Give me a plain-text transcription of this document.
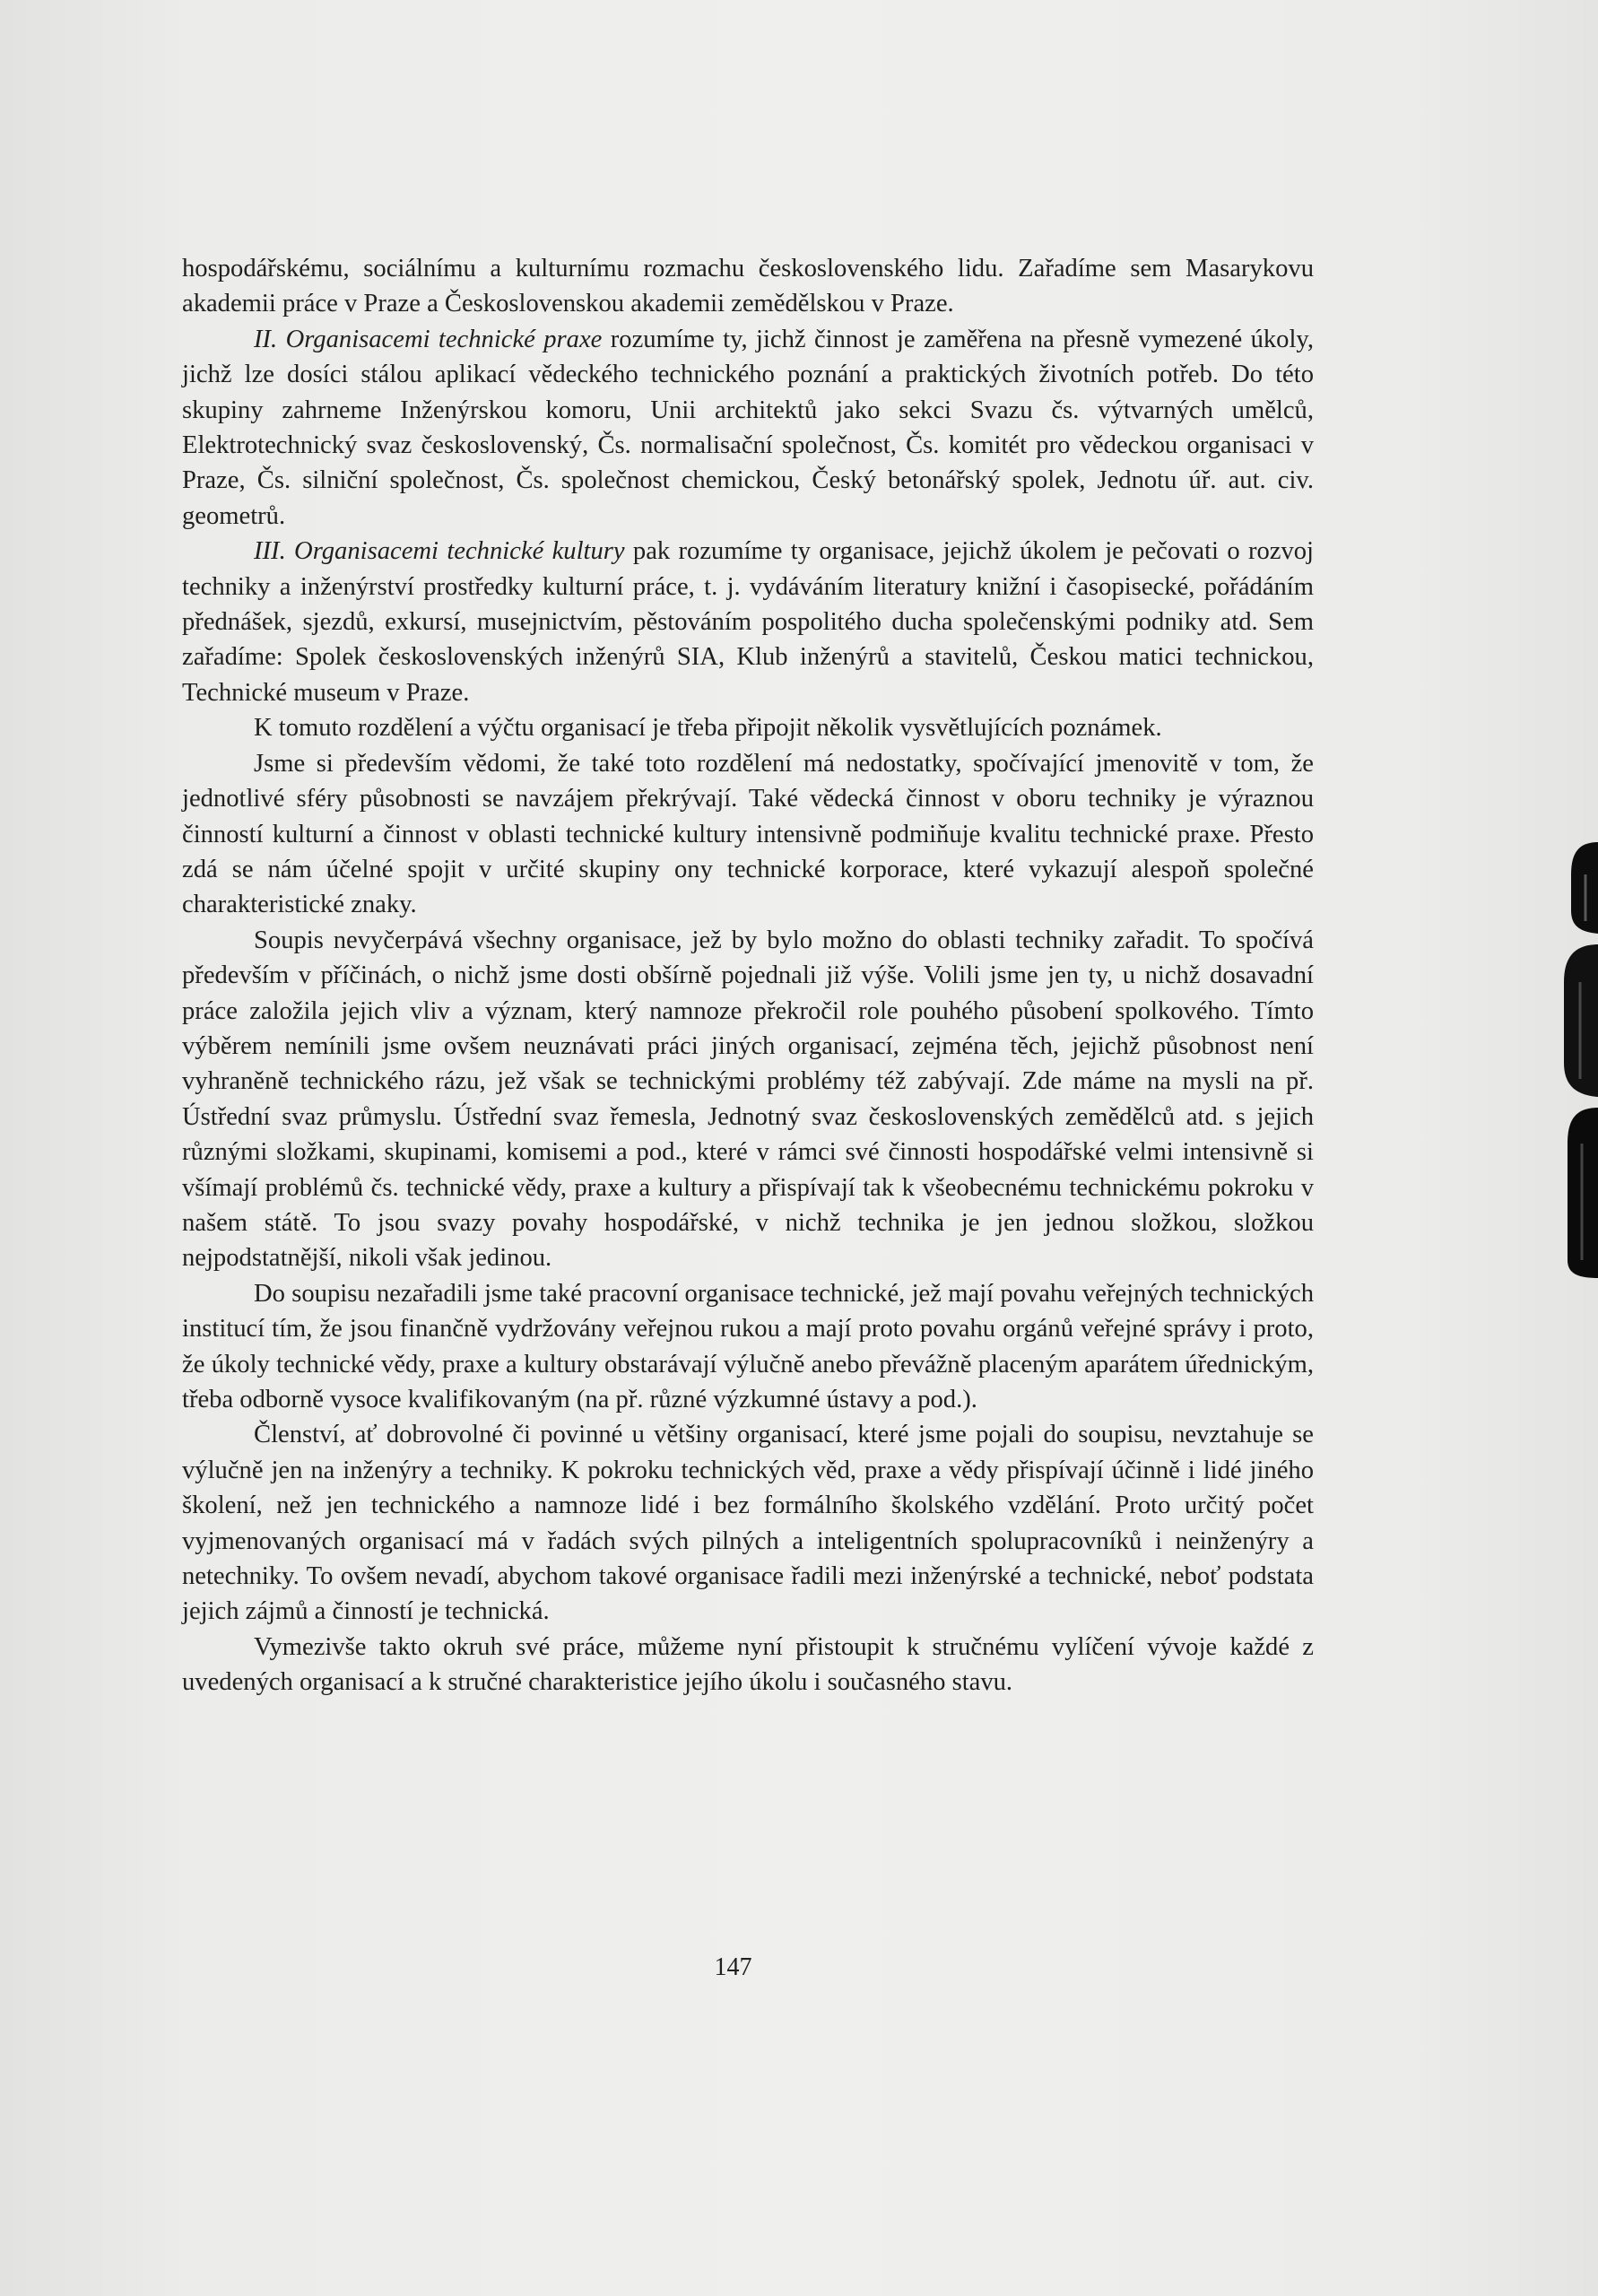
hospodářskému, sociálnímu a kulturnímu rozmachu československého lidu. Zařadíme sem Masarykovu akademii práce v Praze a Československou akademii zemědělskou v Praze.

II. Organisacemi technické praxe rozumíme ty, jichž činnost je zaměřena na přesně vymezené úkoly, jichž lze dosíci stálou aplikací vědeckého technického poznání a praktických životních potřeb. Do této skupiny zahrneme Inženýrskou komoru, Unii architektů jako sekci Svazu čs. výtvarných umělců, Elektrotechnický svaz československý, Čs. normalisační společnost, Čs. komitét pro vědeckou organisaci v Praze, Čs. silniční společnost, Čs. společnost chemickou, Český betonářský spolek, Jednotu úř. aut. civ. geometrů.

III. Organisacemi technické kultury pak rozumíme ty organisace, jejichž úkolem je pečovati o rozvoj techniky a inženýrství prostředky kulturní práce, t. j. vydáváním literatury knižní i časopisecké, pořádáním přednášek, sjezdů, exkursí, musejnictvím, pěstováním pospolitého ducha společenskými podniky atd. Sem zařadíme: Spolek československých inženýrů SIA, Klub inženýrů a stavitelů, Českou matici technickou, Technické museum v Praze.

K tomuto rozdělení a výčtu organisací je třeba připojit několik vysvětlujících poznámek.

Jsme si především vědomi, že také toto rozdělení má nedostatky, spočívající jmenovitě v tom, že jednotlivé sféry působnosti se navzájem překrývají. Také vědecká činnost v oboru techniky je výraznou činností kulturní a činnost v oblasti technické kultury intensivně podmiňuje kvalitu technické praxe. Přesto zdá se nám účelné spojit v určité skupiny ony technické korporace, které vykazují alespoň společné charakteristické znaky.

Soupis nevyčerpává všechny organisace, jež by bylo možno do oblasti techniky zařadit. To spočívá především v příčinách, o nichž jsme dosti obšírně pojednali již výše. Volili jsme jen ty, u nichž dosavadní práce založila jejich vliv a význam, který namnoze překročil role pouhého působení spolkového. Tímto výběrem nemínili jsme ovšem neuznávati práci jiných organisací, zejména těch, jejichž působnost není vyhraněně technického rázu, jež však se technickými problémy též zabývají. Zde máme na mysli na př. Ústřední svaz průmyslu. Ústřední svaz řemesla, Jednotný svaz československých zemědělců atd. s jejich různými složkami, skupinami, komisemi a pod., které v rámci své činnosti hospodářské velmi intensivně si všímají problémů čs. technické vědy, praxe a kultury a přispívají tak k všeobecnému technickému pokroku v našem státě. To jsou svazy povahy hospodářské, v nichž technika je jen jednou složkou, složkou nejpodstatnější, nikoli však jedinou.

Do soupisu nezařadili jsme také pracovní organisace technické, jež mají povahu veřejných technických institucí tím, že jsou finančně vydržovány veřejnou rukou a mají proto povahu orgánů veřejné správy i proto, že úkoly technické vědy, praxe a kultury obstarávají výlučně anebo převážně placeným aparátem úřednickým, třeba odborně vysoce kvalifikovaným (na př. různé výzkumné ústavy a pod.).

Členství, ať dobrovolné či povinné u většiny organisací, které jsme pojali do soupisu, nevztahuje se výlučně jen na inženýry a techniky. K pokroku technických věd, praxe a vědy přispívají účinně i lidé jiného školení, než jen technického a namnoze lidé i bez formálního školského vzdělání. Proto určitý počet vyjmenovaných organisací má v řadách svých pilných a inteligentních spolupracovníků i neinženýry a netechniky. To ovšem nevadí, abychom takové organisace řadili mezi inženýrské a technické, neboť podstata jejich zájmů a činností je technická.

Vymezivše takto okruh své práce, můžeme nyní přistoupit k stručnému vylíčení vývoje každé z uvedených organisací a k stručné charakteristice jejího úkolu i současného stavu.

147
